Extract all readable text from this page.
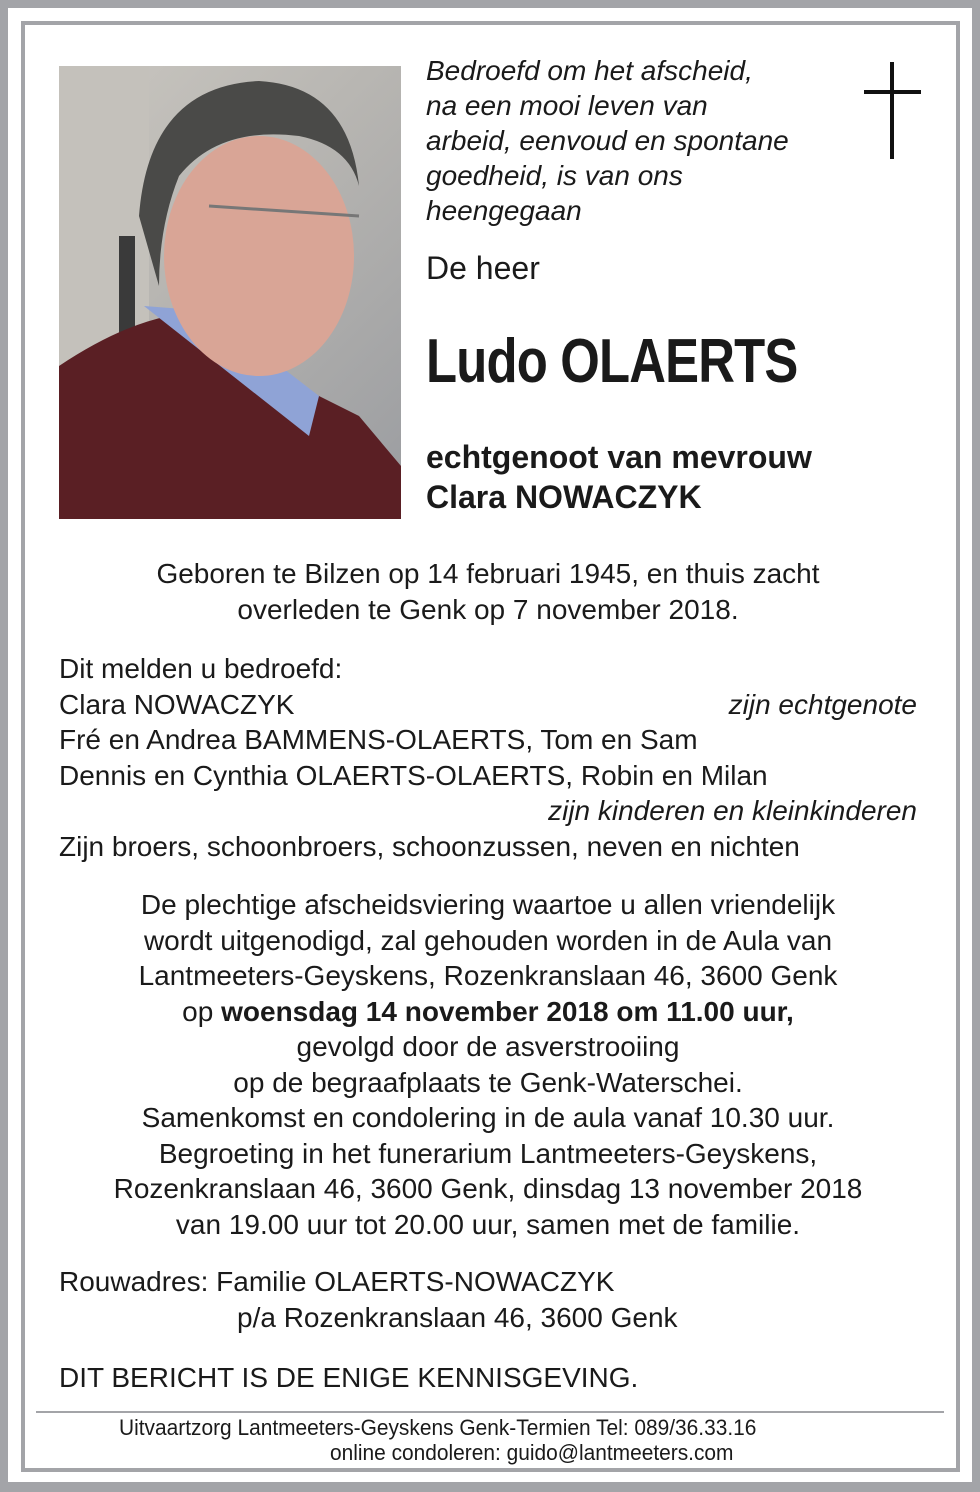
Bedroefd om het afscheid,
na een mooi leven van
arbeid, eenvoud en spontane
goedheid, is van ons
heengegaan
De heer
Ludo OLAERTS
echtgenoot van mevrouw
Clara NOWACZYK
Geboren te Bilzen op 14 februari 1945, en thuis zacht
overleden te Genk op 7 november 2018.
Dit melden u bedroefd:
Clara NOWACZYK	zijn echtgenote
Fré en Andrea BAMMENS-OLAERTS, Tom en Sam
Dennis en Cynthia OLAERTS-OLAERTS, Robin en Milan
zijn kinderen en kleinkinderen
Zijn broers, schoonbroers, schoonzussen, neven en nichten
De plechtige afscheidsviering waartoe u allen vriendelijk
wordt uitgenodigd, zal gehouden worden in de Aula van
Lantmeeters-Geyskens, Rozenkranslaan 46, 3600 Genk
op woensdag 14 november 2018 om 11.00 uur,
gevolgd door de asverstrooiing
op de begraafplaats te Genk-Waterschei.
Samenkomst en condolering in de aula vanaf 10.30 uur.
Begroeting in het funerarium Lantmeeters-Geyskens,
Rozenkranslaan 46, 3600 Genk, dinsdag 13 november 2018
van 19.00 uur tot 20.00 uur, samen met de familie.
Rouwadres: Familie OLAERTS-NOWACZYK
p/a Rozenkranslaan 46, 3600 Genk
DIT BERICHT IS DE ENIGE KENNISGEVING.
Uitvaartzorg Lantmeeters-Geyskens Genk-Termien Tel: 089/36.33.16
online condoleren: guido@lantmeeters.com
